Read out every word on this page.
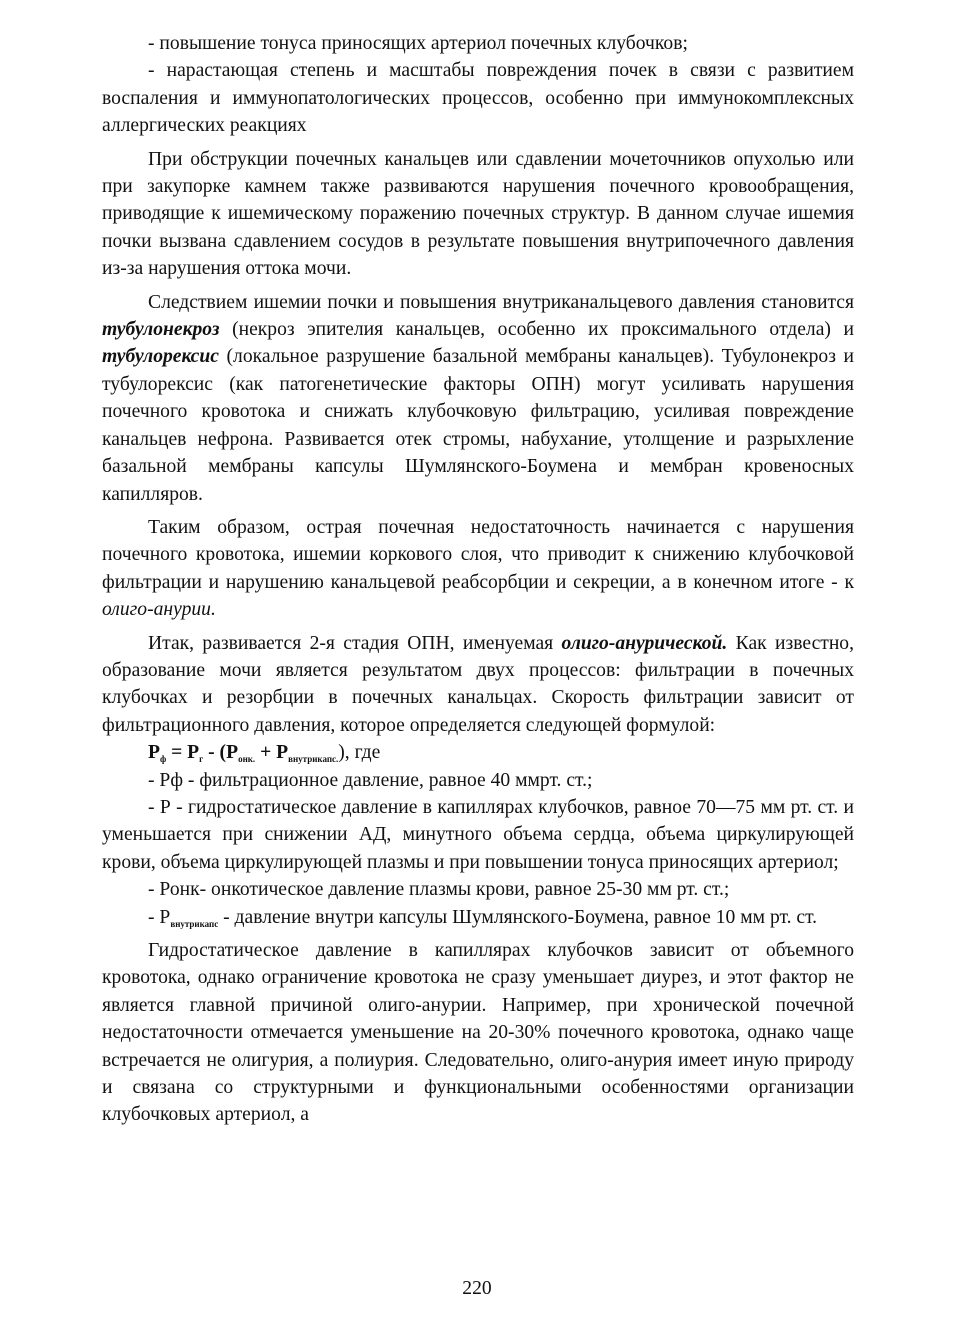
- повышение тонуса приносящих артериол почечных клубочков;

- нарастающая степень и масштабы повреждения почек в связи с развитием воспаления и иммунопатологических процессов, особенно при иммунокомплексных аллергических реакциях

При обструкции почечных канальцев или сдавлении мочеточников опухолью или при закупорке камнем также развиваются нарушения почечного кровообращения, приводящие к ишемическому поражению почечных структур. В данном случае ишемия почки вызвана сдавлением сосудов в результате повышения внутрипочечного давления из-за нарушения оттока мочи.

Следствием ишемии почки и повышения внутриканальцевого давления становится тубулонекроз (некроз эпителия канальцев, особенно их проксимального отдела) и тубулорексис (локальное разрушение базальной мембраны канальцев). Тубулонекроз и тубулорексис (как патогенетические факторы ОПН) могут усиливать нарушения почечного кровотока и снижать клубочковую фильтрацию, усиливая повреждение канальцев нефрона. Развивается отек стромы, набухание, утолщение и разрыхление базальной мембраны капсулы Шумлянского-Боумена и мембран кровеносных капилляров.

Таким образом, острая почечная недостаточность начинается с нарушения почечного кровотока, ишемии коркового слоя, что приводит к снижению клубочковой фильтрации и нарушению канальцевой реабсорбции и секреции, а в конечном итоге - к олиго-анурии.

Итак, развивается 2-я стадия ОПН, именуемая олиго-анурической. Как известно, образование мочи является результатом двух процессов: фильтрации в почечных клубочках и резорбции в почечных канальцах. Скорость фильтрации зависит от фильтрационного давления, которое определяется следующей формулой:

$Р_ф = Р_г - (Р_{онк.} + Р_{внутрикапс.})$, где

- Рф - фильтрационное давление, равное 40 ммрт. ст.;

- Р - гидростатическое давление в капиллярах клубочков, равное 70—75 мм рт. ст. и уменьшается при снижении АД, минутного объема сердца, объема циркулирующей крови, объема циркулирующей плазмы и при повышении тонуса приносящих артериол;

- Ронк- онкотическое давление плазмы крови, равное 25-30 мм рт. ст.;

- $Р_{внутрикапс}$ - давление внутри капсулы Шумлянского-Боумена, равное 10 мм рт. ст.

Гидростатическое давление в капиллярах клубочков зависит от объемного кровотока, однако ограничение кровотока не сразу уменьшает диурез, и этот фактор не является главной причиной олиго-анурии. Например, при хронической почечной недостаточности отмечается уменьшение на 20-30% почечного кровотока, однако чаще встречается не олигурия, а полиурия. Следовательно, олиго-анурия имеет иную природу и связана со структурными и функциональными особенностями организации клубочковых артериол, а

220
